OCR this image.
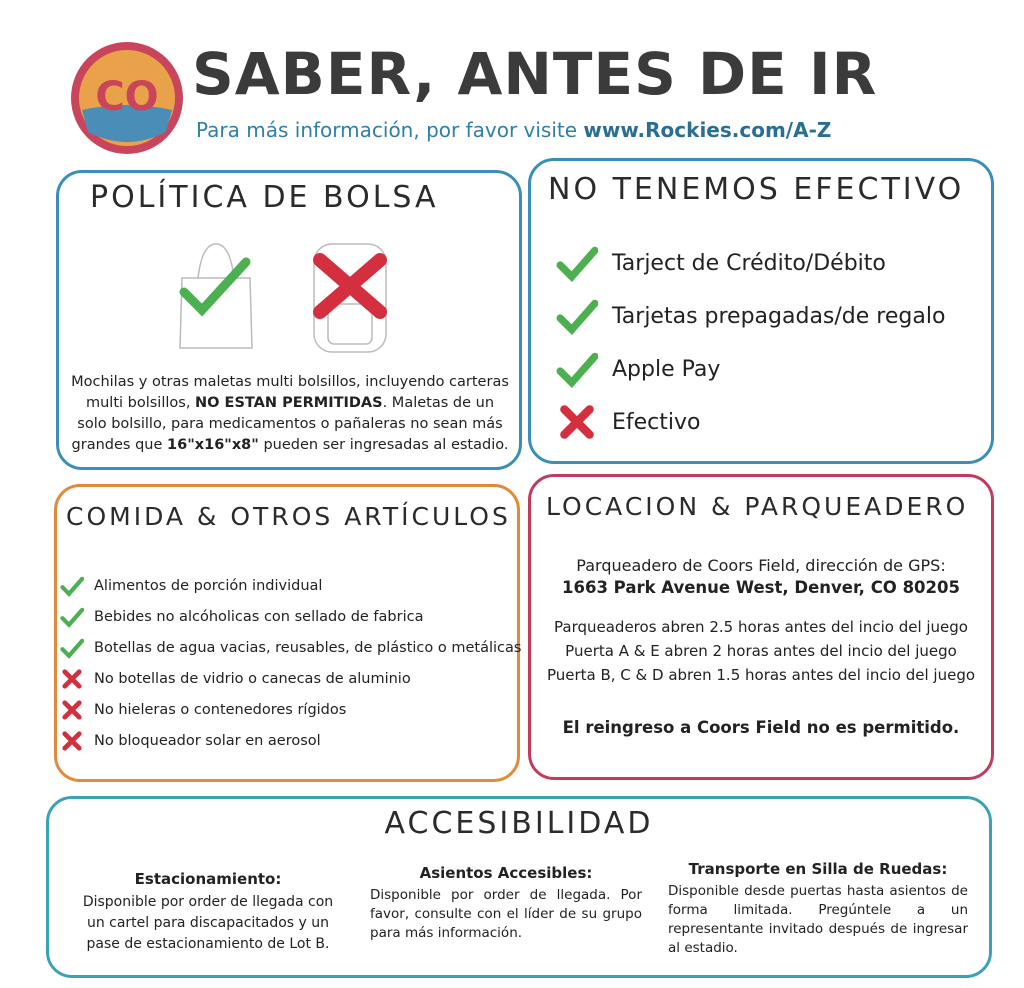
CO SABER, ANTES DE IR
Para más información, por favor visite www.Rockies.com/A-Z
POLÍTICA DE BOLSA
Mochilas y otras maletas multi bolsillos, incluyendo carteras multi bolsillos, NO ESTAN PERMITIDAS. Maletas de un solo bolsillo, para medicamentos o pañaleras no sean más grandes que 16"x16"x8" pueden ser ingresadas al estadio.
NO TENEMOS EFECTIVO
Tarject de Crédito/Débito
Tarjetas prepagadas/de regalo
Apple Pay
Efectivo
COMIDA & OTROS ARTÍCULOS
Alimentos de porción individual
Bebides no alcóholicas con sellado de fabrica
Botellas de agua vacias, reusables, de plástico o metálicas
No botellas de vidrio o canecas de aluminio
No hieleras o contenedores rígidos
No bloqueador solar en aerosol
LOCACION & PARQUEADERO
Parqueadero de Coors Field, dirección de GPS:
1663 Park Avenue West, Denver, CO 80205
Parqueaderos abren 2.5 horas antes del incio del juego
Puerta A & E abren 2 horas antes del incio del juego
Puerta B, C & D abren 1.5 horas antes del incio del juego
El reingreso a Coors Field no es permitido.
ACCESIBILIDAD
Estacionamiento:
Disponible por order de llegada con un cartel para discapacitados y un pase de estacionamiento de Lot B.
Asientos Accesibles:
Disponible por order de llegada. Por favor, consulte con el líder de su grupo para más información.
Transporte en Silla de Ruedas:
Disponible desde puertas hasta asientos de forma limitada. Pregúntele a un representante invitado después de ingresar al estadio.
